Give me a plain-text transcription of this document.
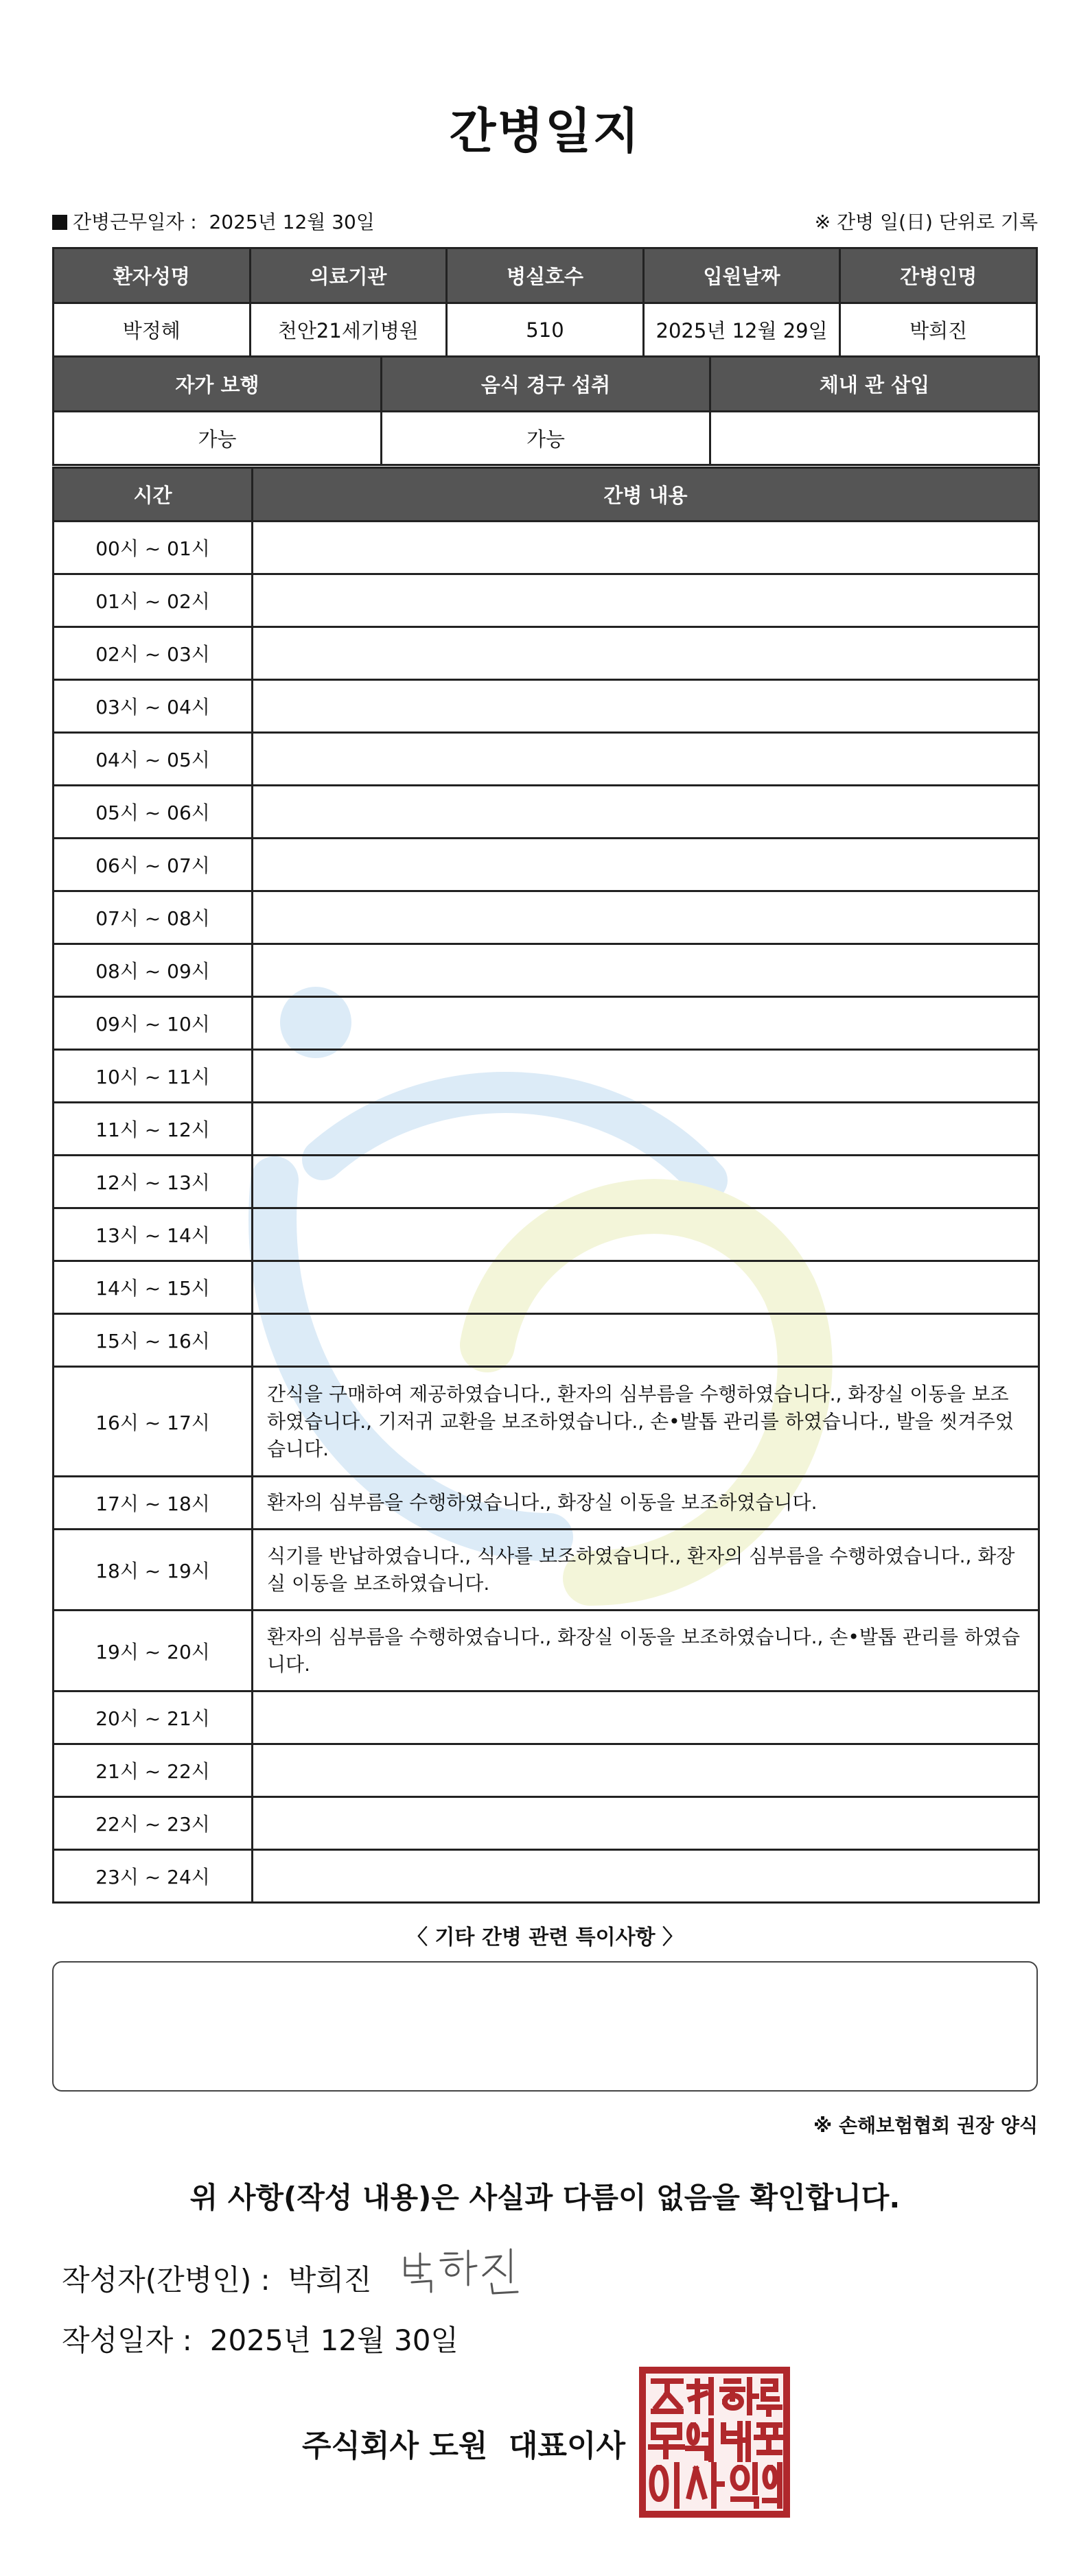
간병일지
간병근무일자 : 2025년 12월 30일	※ 간병 일(日) 단위로 기록
환자성명	의료기관	병실호수	입원날짜	간병인명
박정혜	천안21세기병원	510	2025년 12월 29일	박희진
자가 보행	음식 경구 섭취	체내 관 삽입
가능	가능	
시간	간병 내용
00시 ~ 01시	
01시 ~ 02시	
02시 ~ 03시	
03시 ~ 04시	
04시 ~ 05시	
05시 ~ 06시	
06시 ~ 07시	
07시 ~ 08시	
08시 ~ 09시	
09시 ~ 10시	
10시 ~ 11시	
11시 ~ 12시	
12시 ~ 13시	
13시 ~ 14시	
14시 ~ 15시	
15시 ~ 16시	
16시 ~ 17시	간식을 구매하여 제공하였습니다., 환자의 심부름을 수행하였습니다., 화장실 이동을 보조하였습니다., 기저귀 교환을 보조하였습니다., 손•발톱 관리를 하였습니다., 발을 씻겨주었습니다.
17시 ~ 18시	환자의 심부름을 수행하였습니다., 화장실 이동을 보조하였습니다.
18시 ~ 19시	식기를 반납하였습니다., 식사를 보조하였습니다., 환자의 심부름을 수행하였습니다., 화장실 이동을 보조하였습니다.
19시 ~ 20시	환자의 심부름을 수행하였습니다., 화장실 이동을 보조하였습니다., 손•발톱 관리를 하였습니다.
20시 ~ 21시	
21시 ~ 22시	
22시 ~ 23시	
23시 ~ 24시	
〈 기타 간병 관련 특이사항 〉
※ 손해보험협회 권장 양식
위 사항(작성 내용)은 사실과 다름이 없음을 확인합니다.
작성자(간병인) : 박희진
작성일자 : 2025년 12월 30일
주식회사 도원  대표이사
